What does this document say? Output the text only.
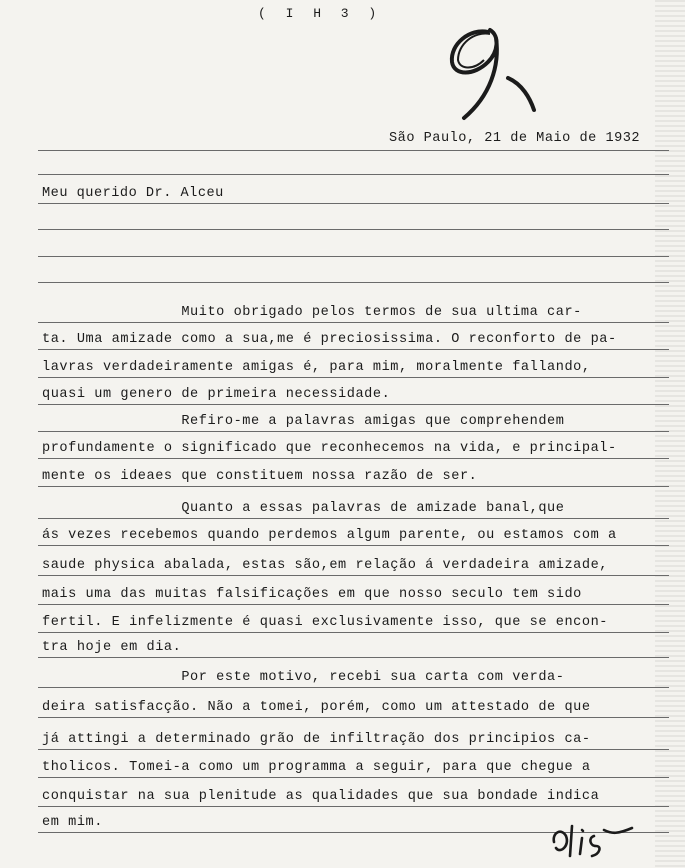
( I H 3 )
São Paulo, 21 de Maio de 1932
Meu querido Dr. Alceu
Muito obrigado pelos termos de sua ultima car-
ta. Uma amizade como a sua,me é preciosissima. O reconforto de pa-
lavras verdadeiramente amigas é, para mim, moralmente fallando,
quasi um genero de primeira necessidade.
Refiro-me a palavras amigas que comprehendem
profundamente o significado que reconhecemos na vida, e principal-
mente os ideaes que constituem nossa razão de ser.
Quanto a essas palavras de amizade banal,que
ás vezes recebemos quando perdemos algum parente, ou estamos com a
saude physica abalada, estas são,em relação á verdadeira amizade,
mais uma das muitas falsificações em que nosso seculo tem sido
fertil. E infelizmente é quasi exclusivamente isso, que se encon-
tra hoje em dia.
Por este motivo, recebi sua carta com verda-
deira satisfacção. Não a tomei, porém, como um attestado de que
já attingi a determinado grão de infiltração dos principios ca-
tholicos. Tomei-a como um programma a seguir, para que chegue a
conquistar na sua plenitude as qualidades que sua bondade indica
em mim.
